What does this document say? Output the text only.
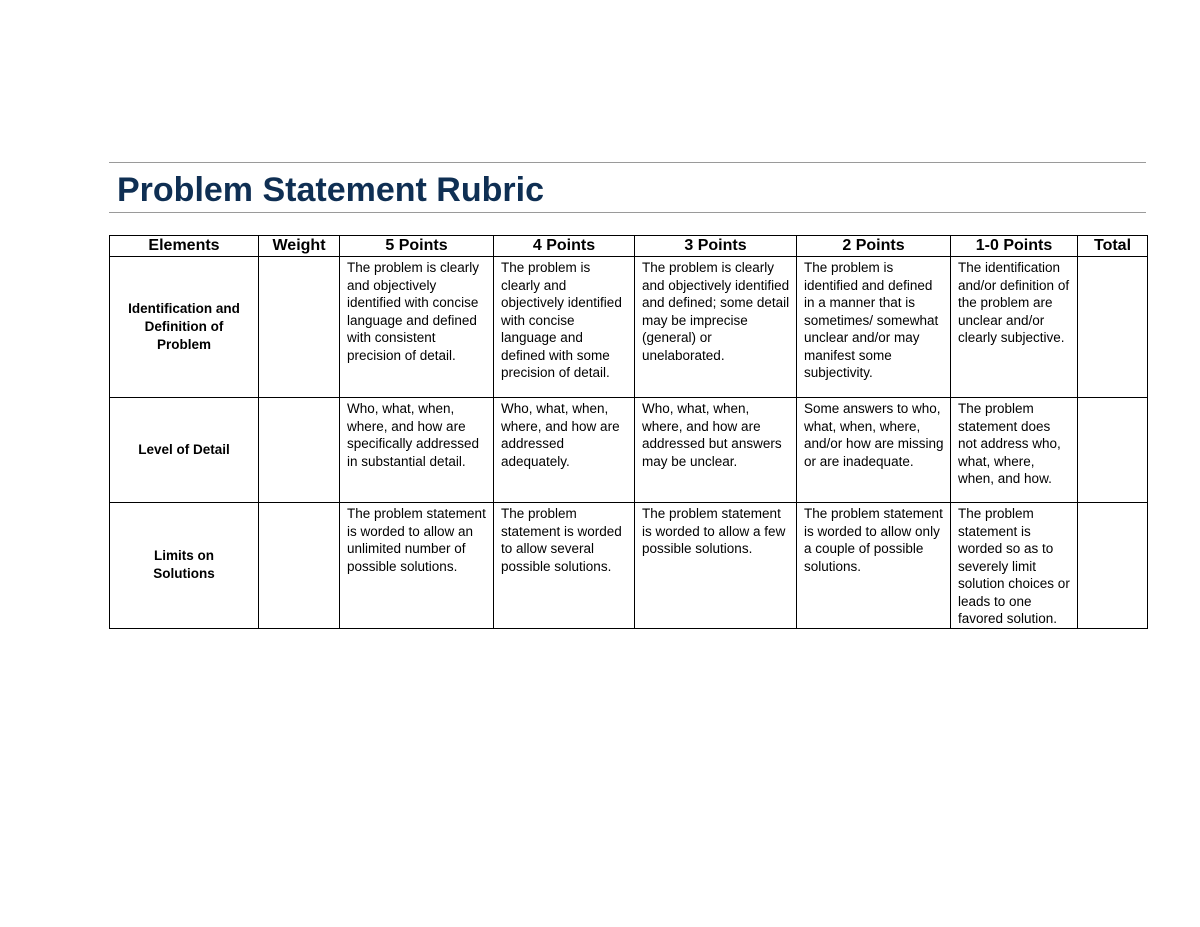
Problem Statement Rubric
Elements	Weight	5 Points	4 Points	3 Points	2 Points	1-0 Points	Total
Identification and Definition of Problem		The problem is clearly and objectively identified with concise language and defined with consistent precision of detail.	The problem is clearly and objectively identified with concise language and defined with some precision of detail.	The problem is clearly and objectively identified and defined; some detail may be imprecise (general) or unelaborated.	The problem is identified and defined in a manner that is sometimes/ somewhat unclear and/or may manifest some subjectivity.	The identification and/or definition of the problem are unclear and/or clearly subjective.	
Level of Detail		Who, what, when, where, and how are specifically addressed in substantial detail.	Who, what, when, where, and how are addressed adequately.	Who, what, when, where, and how are addressed but answers may be unclear.	Some answers to who, what, when, where, and/or how are missing or are inadequate.	The problem statement does not address who, what, where, when, and how.	
Limits on Solutions		The problem statement is worded to allow an unlimited number of possible solutions.	The problem statement is worded to allow several possible solutions.	The problem statement is worded to allow a few possible solutions.	The problem statement is worded to allow only a couple of possible solutions.	The problem statement is worded so as to severely limit solution choices or leads to one favored solution.	
